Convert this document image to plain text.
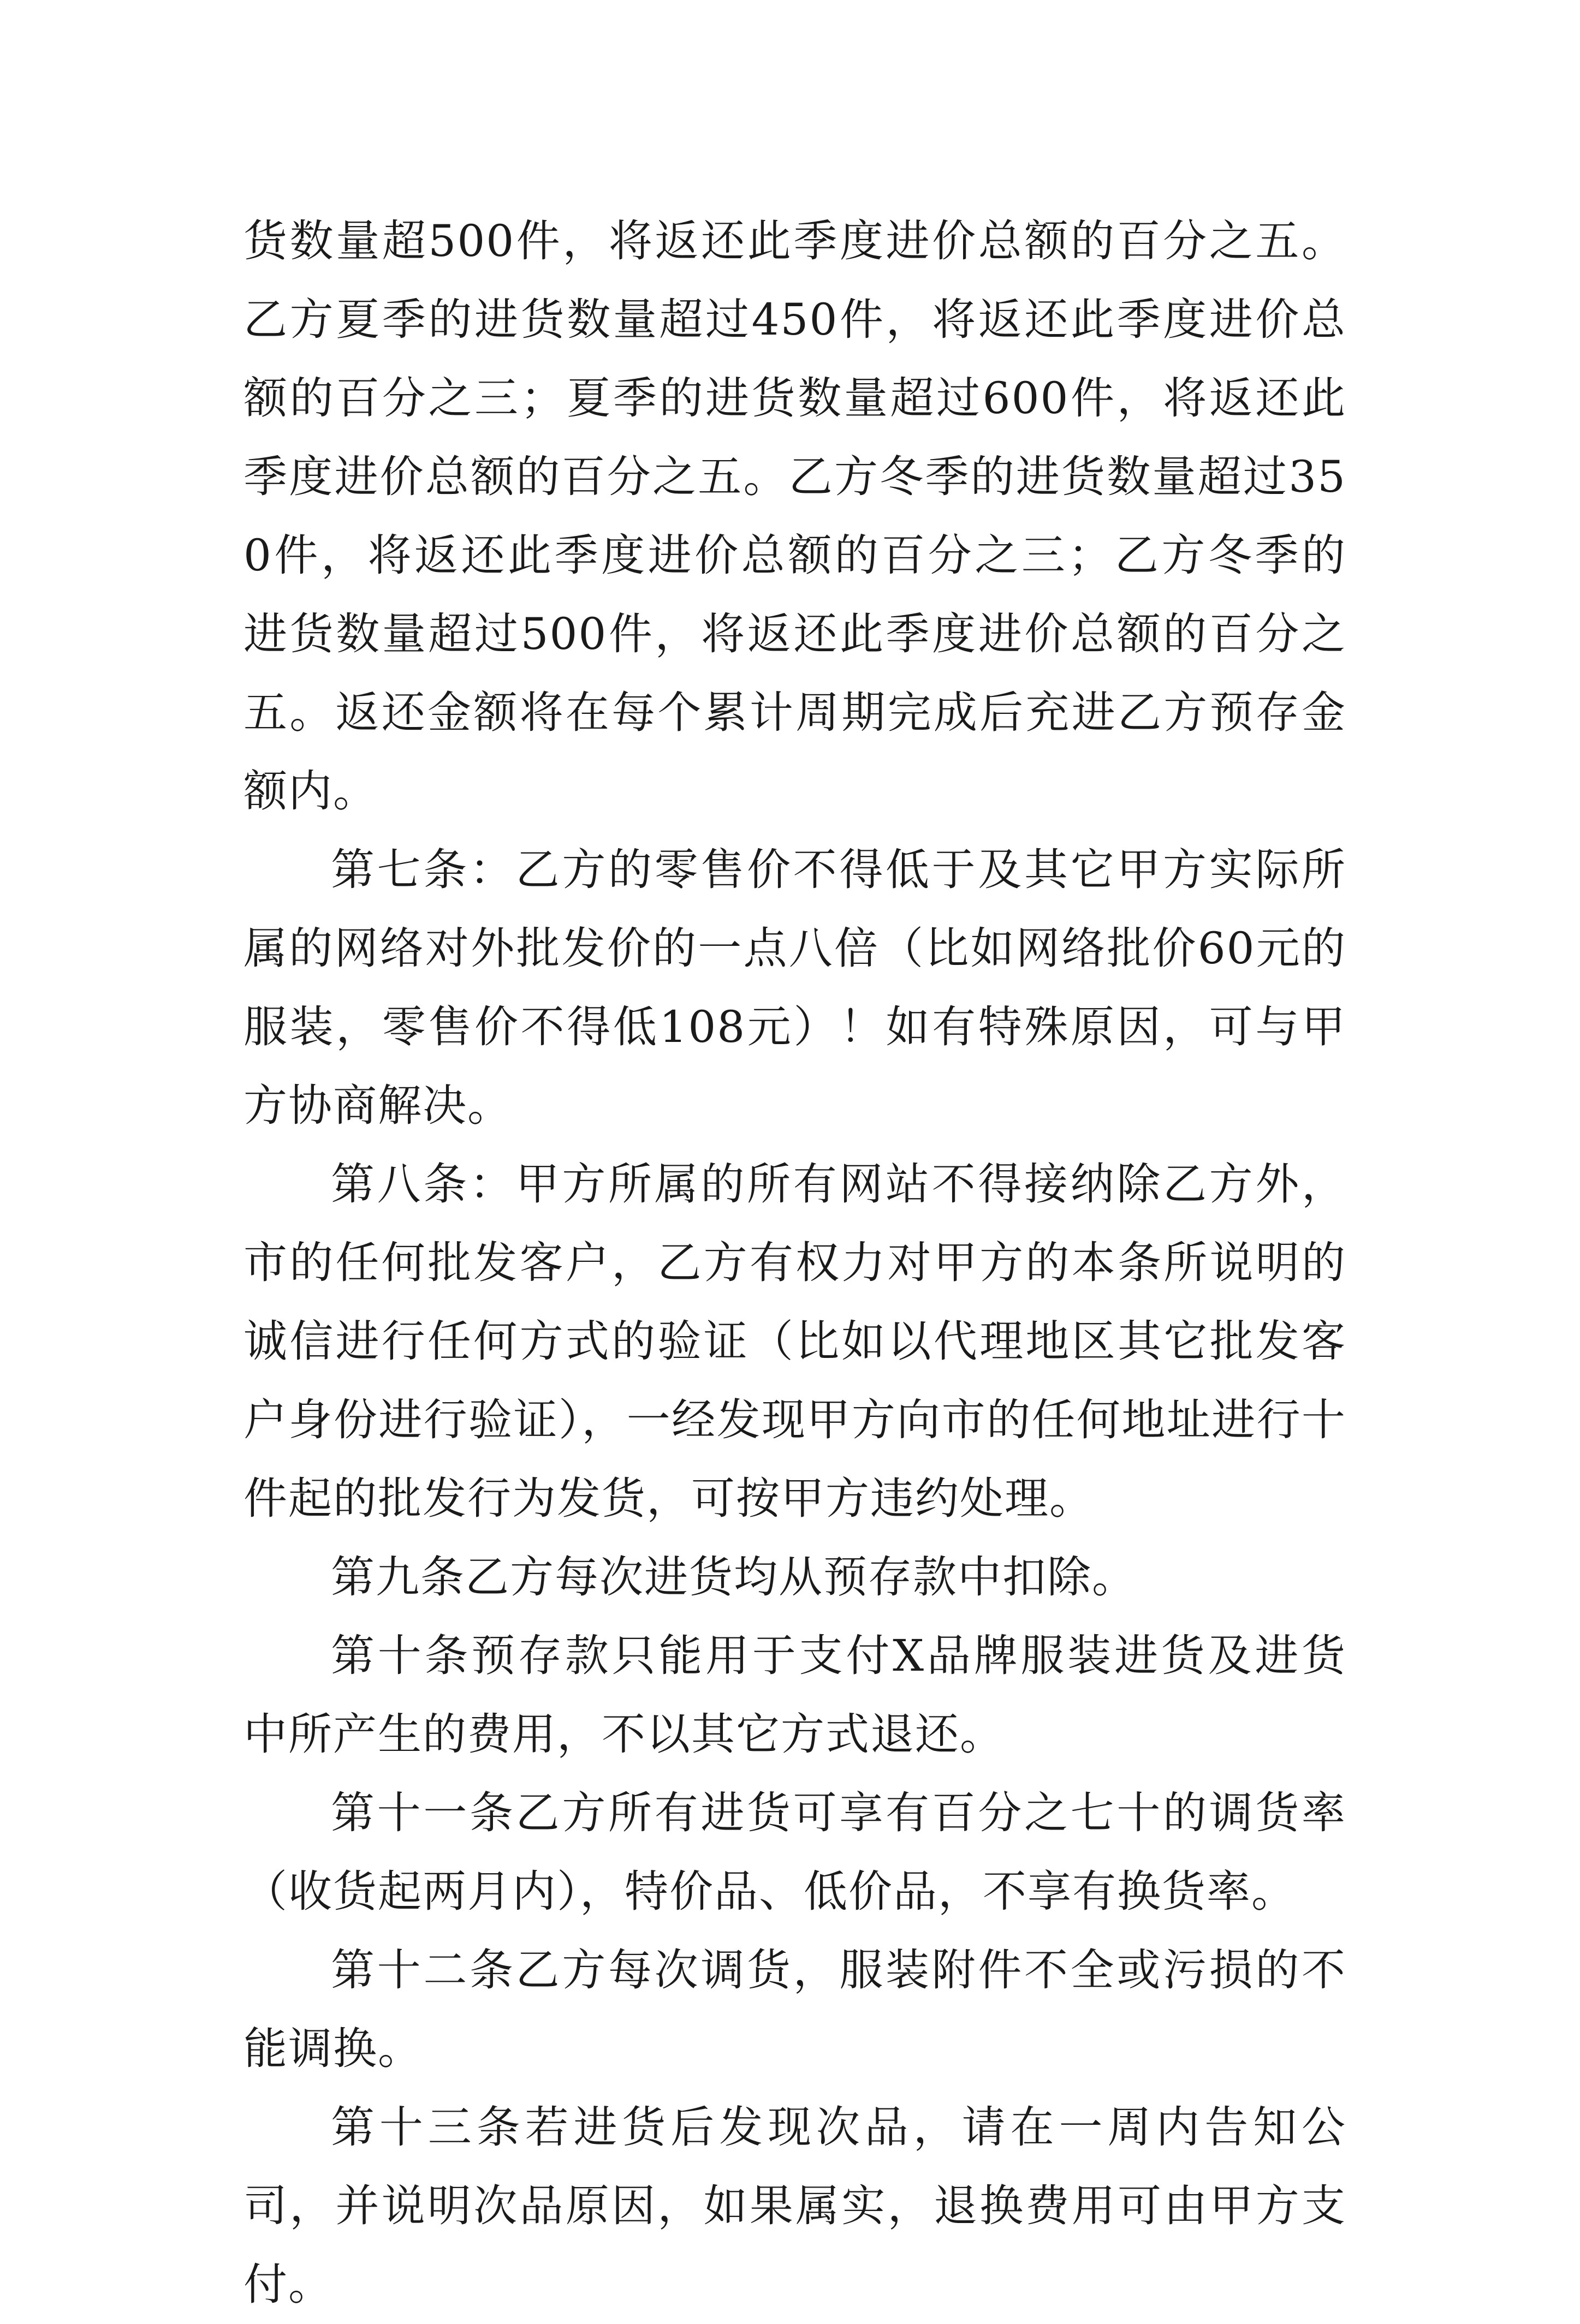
货数量超500件，将返还此季度进价总额的百分之五。乙方夏季的进货数量超过450件，将返还此季度进价总额的百分之三；夏季的进货数量超过600件，将返还此季度进价总额的百分之五。乙方冬季的进货数量超过350件，将返还此季度进价总额的百分之三；乙方冬季的进货数量超过500件，将返还此季度进价总额的百分之五。返还金额将在每个累计周期完成后充进乙方预存金额内。

第七条：乙方的零售价不得低于及其它甲方实际所属的网络对外批发价的一点八倍（比如网络批价60元的服装，零售价不得低108元）！如有特殊原因，可与甲方协商解决。

第八条：甲方所属的所有网站不得接纳除乙方外，市的任何批发客户，乙方有权力对甲方的本条所说明的诚信进行任何方式的验证（比如以代理地区其它批发客户身份进行验证），一经发现甲方向市的任何地址进行十件起的批发行为发货，可按甲方违约处理。

第九条乙方每次进货均从预存款中扣除。

第十条预存款只能用于支付X品牌服装进货及进货中所产生的费用，不以其它方式退还。

第十一条乙方所有进货可享有百分之七十的调货率（收货起两月内），特价品、低价品，不享有换货率。

第十二条乙方每次调货，服装附件不全或污损的不能调换。

第十三条若进货后发现次品，请在一周内告知公司，并说明次品原因，如果属实，退换费用可由甲方支付。
